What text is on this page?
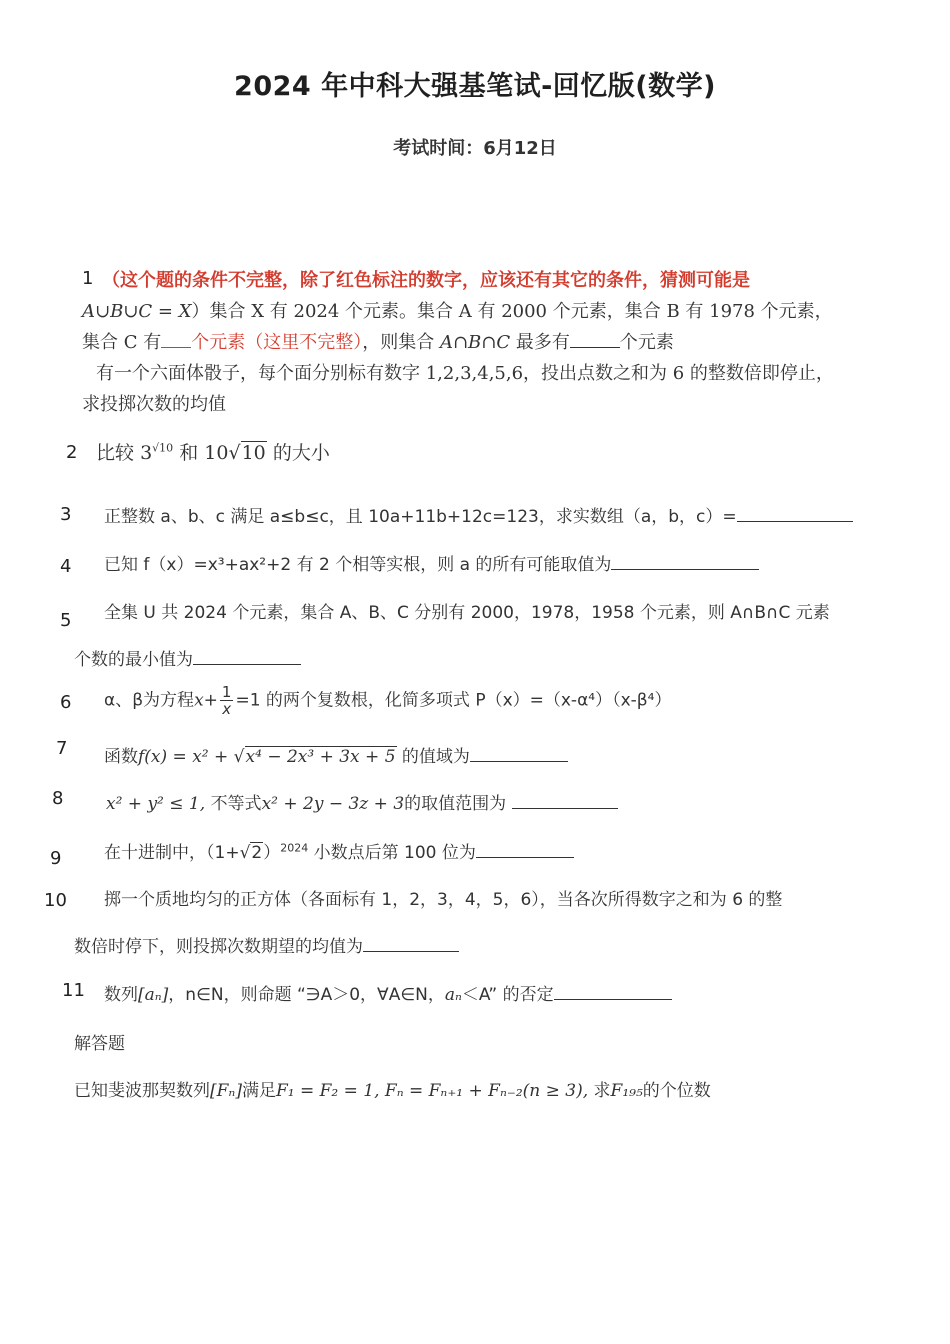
2024 年中科大强基笔试-回忆版(数学)
考试时间：6月12日
1 （这个题的条件不完整，除了红色标注的数字，应该还有其它的条件，猜测可能是
A∪B∪C = X）集合 X 有 2024 个元素。集合 A 有 2000 个元素，集合 B 有 1978 个元素，
集合 C 有 个元素（这里不完整），则集合 A∩B∩C 最多有	个元素
有一个六面体骰子，每个面分别标有数字 1,2,3,4,5,6，投出点数之和为 6 的整数倍即停止，
求投掷次数的均值
2 比较 $3^{√10}$ 和 10√10 的大小
3 正整数 a、b、c 满足 a≤b≤c，且 10a+11b+12c=123，求实数组（a，b，c）=
4 已知 f（x）=x³+ax²+2 有 2 个相等实根，则 a 的所有可能取值为
5 全集 U 共 2024 个元素，集合 A、B、C 分别有 2000，1978，1958 个元素，则 A∩B∩C 元素
个数的最小值为
6 α、β为方程$x+ \frac{1}{x} =1$ 的两个复数根，化简多项式 P（x）=（x-α⁴）（x-β⁴）
7 函数f(x) = x² + √x⁴ − 2x³ + 3x + 5 的值域为
8	x² + y² ≤ 1, 不等式x² + 2y − 3z + 3的取值范围为
9	在十进制中，$(1+√2)^{2024}$ 小数点后第 100 位为
10 掷一个质地均匀的正方体（各面标有 1，2，3，4，5，6），当各次所得数字之和为 6 的整
数倍时停下，则投掷次数期望的均值为
11 数列[aₙ]，n∈N，则命题 “∋A＞0，∀A∈N，aₙ＜A” 的否定
解答题
已知斐波那契数列[Fₙ]满足F₁ = F₂ = 1, Fₙ = Fₙ₊₁ + Fₙ₋₂(n ≥ 3), 求F₁₉₅的个位数
